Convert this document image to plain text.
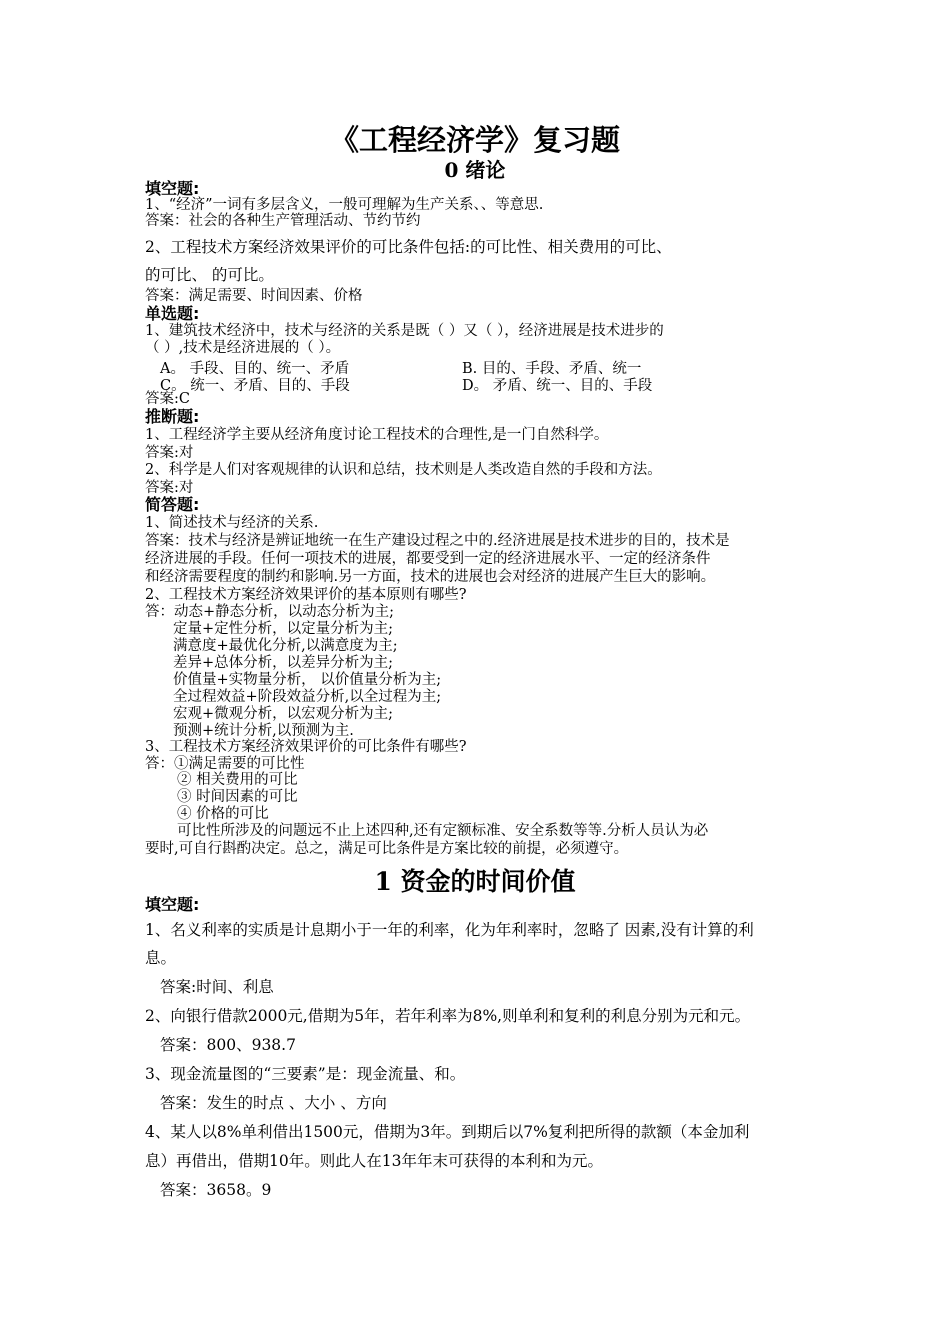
《工程经济学》复习题
0 绪论
填空题:
1、“经济”一词有多层含义，一般可理解为生产关系、、等意思.
答案：社会的各种生产管理活动、节约节约
2、工程技术方案经济效果评价的可比条件包括:的可比性、相关费用的可比、
的可比、 的可比。
答案：满足需要、时间因素、价格
单选题:
1、建筑技术经济中，技术与经济的关系是既（ ）又（ ），经济进展是技术进步的
（ ）,技术是经济进展的（ ）。
A。 手段、目的、统一、矛盾	B. 目的、手段、矛盾、统一
C。 统一、矛盾、目的、手段	D。 矛盾、统一、目的、手段
答案:C
推断题:
1、工程经济学主要从经济角度讨论工程技术的合理性,是一门自然科学。
答案:对
2、科学是人们对客观规律的认识和总结，技术则是人类改造自然的手段和方法。
答案:对
简答题:
1、简述技术与经济的关系.
答案：技术与经济是辨证地统一在生产建设过程之中的.经济进展是技术进步的目的，技术是
经济进展的手段。任何一项技术的进展，都要受到一定的经济进展水平、一定的经济条件
和经济需要程度的制约和影响.另一方面，技术的进展也会对经济的进展产生巨大的影响。
2、工程技术方案经济效果评价的基本原则有哪些?
答：动态+静态分析，以动态分析为主;
定量+定性分析，以定量分析为主;
满意度+最优化分析,以满意度为主;
差异+总体分析，以差异分析为主;
价值量+实物量分析， 以价值量分析为主;
全过程效益+阶段效益分析,以全过程为主;
宏观+微观分析，以宏观分析为主;
预测+统计分析,以预测为主.
3、工程技术方案经济效果评价的可比条件有哪些?
答：①满足需要的可比性
② 相关费用的可比
③ 时间因素的可比
④ 价格的可比
可比性所涉及的问题远不止上述四种,还有定额标准、安全系数等等.分析人员认为必
要时,可自行斟酌决定。总之，满足可比条件是方案比较的前提，必须遵守。
1 资金的时间价值
填空题:
1、名义利率的实质是计息期小于一年的利率，化为年利率时，忽略了 因素,没有计算的利
息。
答案:时间、利息
2、向银行借款2000元,借期为5年，若年利率为8%,则单利和复利的利息分别为元和元。
答案：800、938.7
3、现金流量图的“三要素”是：现金流量、和。
答案：发生的时点 、大小 、方向
4、某人以8%单利借出1500元，借期为3年。到期后以7%复利把所得的款额（本金加利
息）再借出，借期10年。则此人在13年年末可获得的本利和为元。
答案：3658。9
